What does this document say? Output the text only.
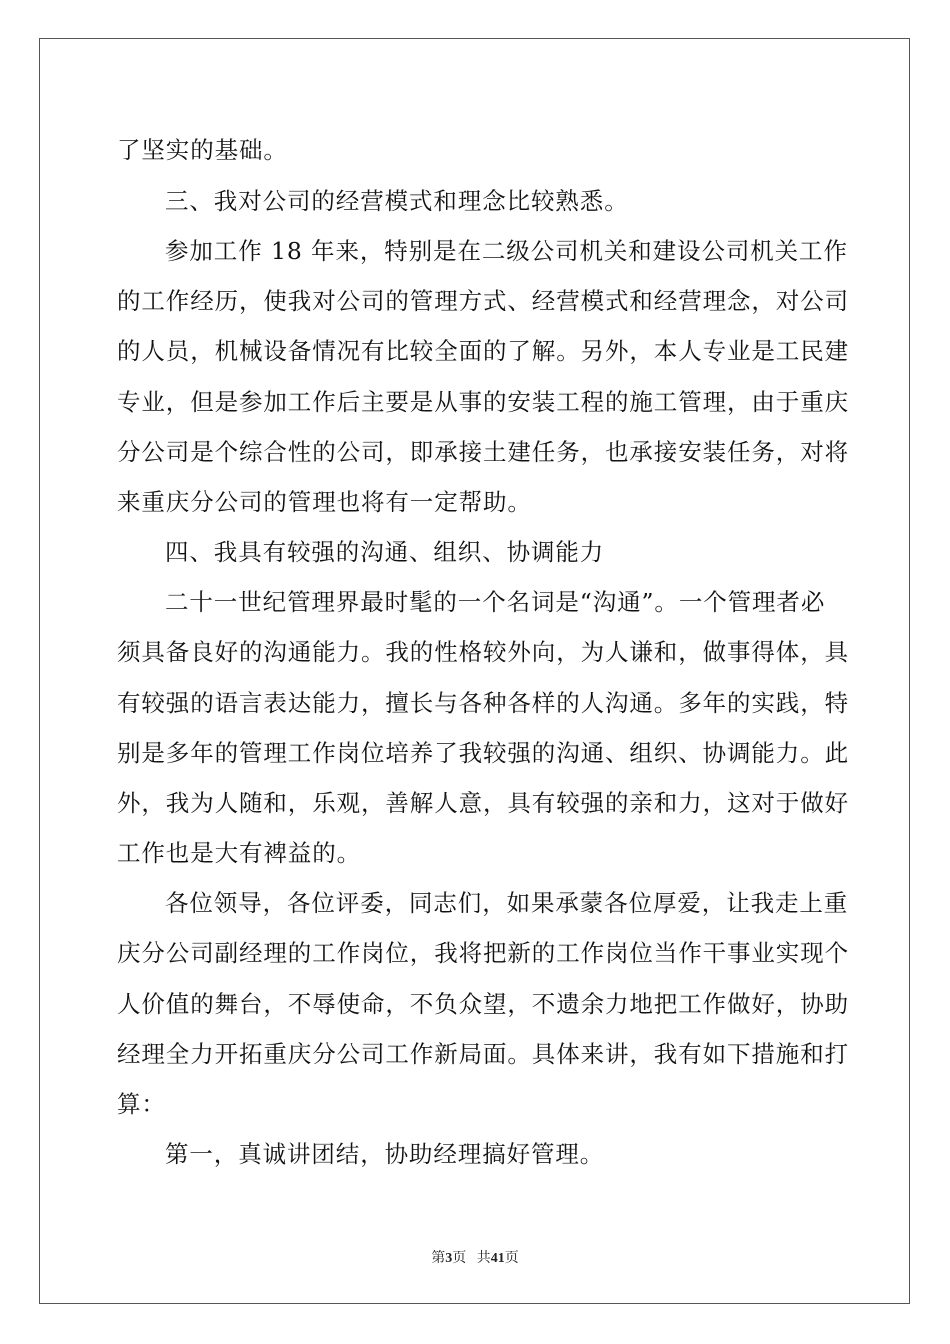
了坚实的基础。
三、我对公司的经营模式和理念比较熟悉。
参加工作 18 年来，特别是在二级公司机关和建设公司机关工作
的工作经历，使我对公司的管理方式、经营模式和经营理念，对公司
的人员，机械设备情况有比较全面的了解。另外，本人专业是工民建
专业，但是参加工作后主要是从事的安装工程的施工管理，由于重庆
分公司是个综合性的公司，即承接土建任务，也承接安装任务，对将
来重庆分公司的管理也将有一定帮助。
四、我具有较强的沟通、组织、协调能力
二十一世纪管理界最时髦的一个名词是“沟通”。一个管理者必
须具备良好的沟通能力。我的性格较外向，为人谦和，做事得体，具
有较强的语言表达能力，擅长与各种各样的人沟通。多年的实践，特
别是多年的管理工作岗位培养了我较强的沟通、组织、协调能力。此
外，我为人随和，乐观，善解人意，具有较强的亲和力，这对于做好
工作也是大有裨益的。
各位领导，各位评委，同志们，如果承蒙各位厚爱，让我走上重
庆分公司副经理的工作岗位，我将把新的工作岗位当作干事业实现个
人价值的舞台，不辱使命，不负众望，不遗余力地把工作做好，协助
经理全力开拓重庆分公司工作新局面。具体来讲，我有如下措施和打
算：
第一，真诚讲团结，协助经理搞好管理。
第3页 共41页
